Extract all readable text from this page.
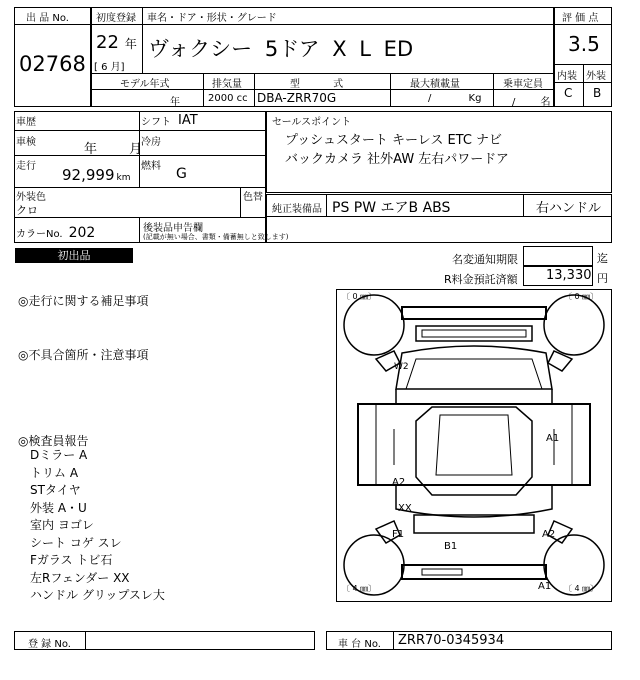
出 品 No.
02768
初度登録 車名・ドア・形状・グレード
22 年
[ 6 月]
ヴォクシー 5ドア X L ED
評 価 点
3.5
内装 外装
C B
モデル年式
年
排気量
2000 cc
型 式
DBA-ZRR70G
最大積載量
/ Kg
乗車定員
/ 名
車歴	シフト IAT
車検	年 月
冷房
走行 92,999 km
燃料 G
外装色
クロ
色替
カラーNo. 202	後装品申告欄
(記載が無い場合、書類・備蓄無しと致します)
セールスポイント
プッシュスタート キーレス ETC ナビ
バックカメラ 社外AW 左右パワードア
純正装備品 PS PW エアB ABS	右ハンドル
初出品	名変通知期限	迄
R料金預託済額 13,330 円
◎走行に関する補足事項
◎不具合箇所・注意事項
◎検査員報告
Dミラー A
トリム A
STタイヤ
外装 A・U
室内 ヨゴレ
シート コゲ スレ
Fガラス トビ石
左Rフェンダー XX
ハンドル グリップスレ大
〔 0 ㎜〕	〔 0 ㎜〕
〔 4 ㎜〕	〔 4 ㎜〕
W2
A1
A2
XX
F1
B1
A2
A1
登 録 No.	車 台 No. ZRR70-0345934
